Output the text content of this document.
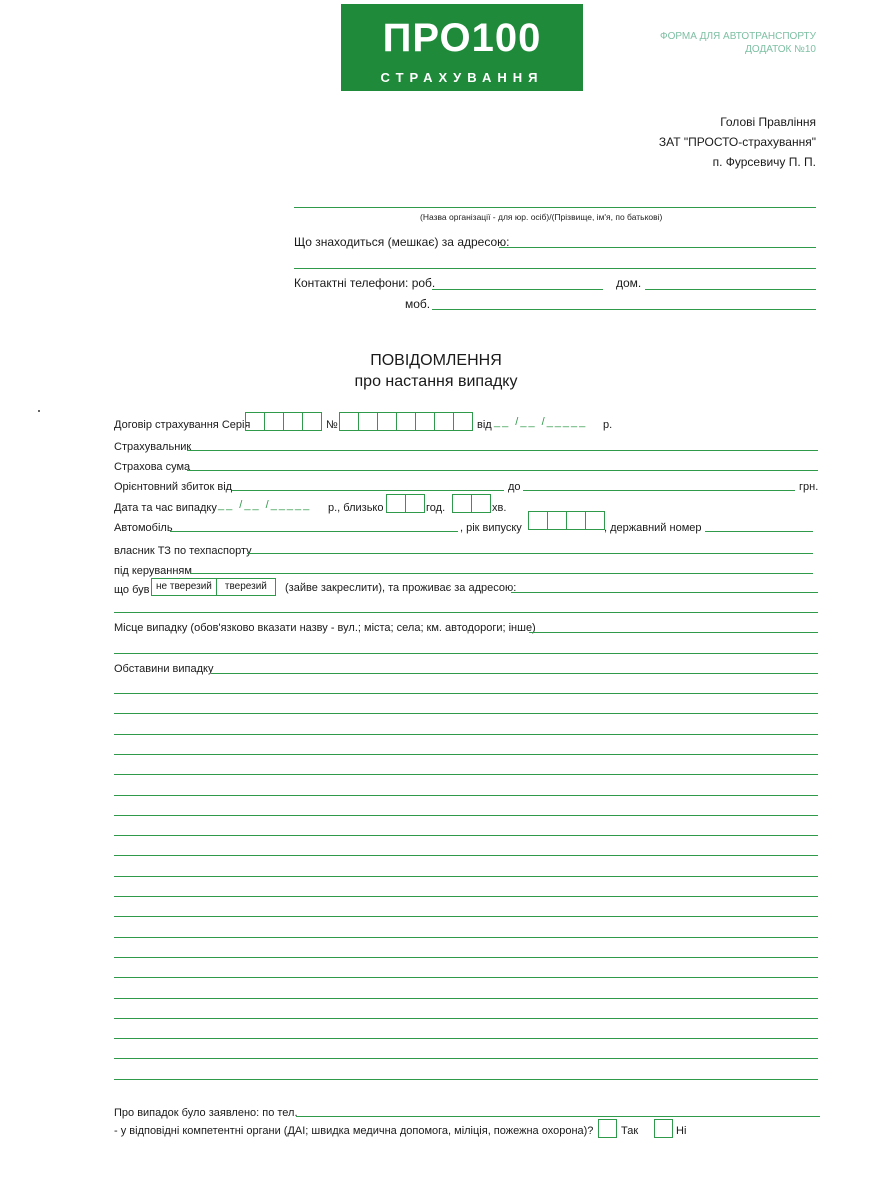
ПРО100
СТРАХУВАННЯ
ФОРМА ДЛЯ АВТОТРАНСПОРТУ
ДОДАТОК №10
Голові Правління
ЗАТ "ПРОСТО-страхування"
п. Фурсевичу П. П.
(Назва організації - для юр. осіб)/(Прізвище, ім'я, по батькові)
Що знаходиться (мешкає) за адресою:
Контактні телефони: роб.	дом.
моб.
ПОВІДОМЛЕННЯ
про настання випадку
Договір страхування Серія	№	від __ /__ /_____ р.
Страхувальник
Страхова сума
Орієнтовний збиток від	до	грн.
Дата та час випадку __ /__ /_____ р., близько	год.	хв.
Автомобіль	, рік випуску	, державний номер
власник ТЗ по техпаспорту
під керуванням
що був не тверезий	тверезий	(зайве закреслити), та проживає за адресою:
Місце випадку (обов'язково вказати назву - вул.; міста; села; км. автодороги; інше)
Обставини випадку
Про випадок було заявлено: по тел.
- у відповідні компетентні органи (ДАІ; швидка медична допомога, міліція, пожежна охорона)?	Так	Ні
